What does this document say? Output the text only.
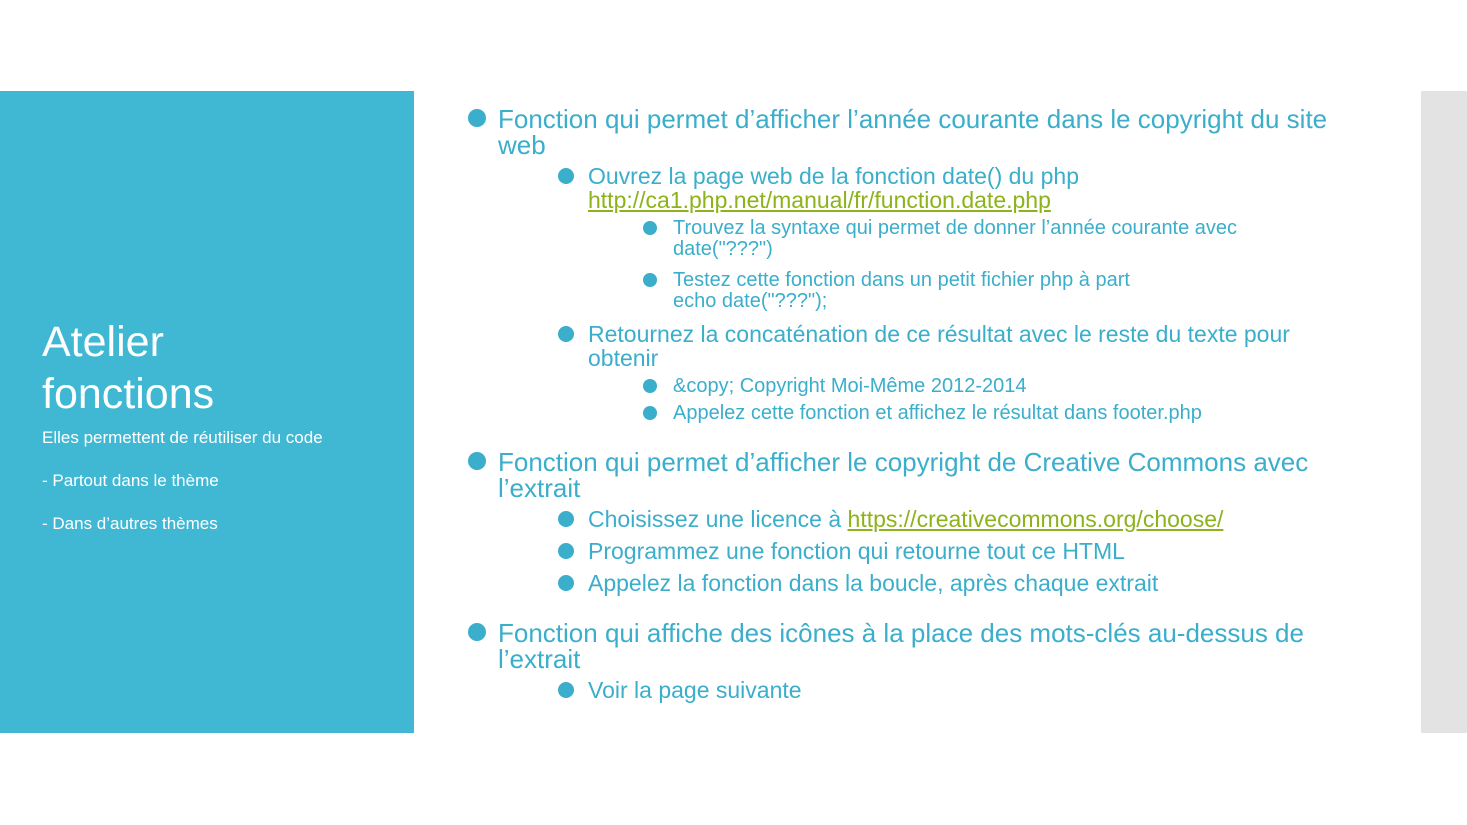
Atelier
fonctions

Elles permettent de réutiliser du code

- Partout dans le thème

- Dans d’autres thèmes

Fonction qui permet d’afficher l’année courante dans le copyright du site web
Ouvrez la page web de la fonction date() du php
http://ca1.php.net/manual/fr/function.date.php
Trouvez la syntaxe qui permet de donner l’année courante avec
date("???")
Testez cette fonction dans un petit fichier php à part
echo date("???");
Retournez la concaténation de ce résultat avec le reste du texte pour obtenir
&copy; Copyright Moi-Même 2012-2014
Appelez cette fonction et affichez le résultat dans footer.php
Fonction qui permet d’afficher le copyright de Creative Commons avec l’extrait
Choisissez une licence à https://creativecommons.org/choose/
Programmez une fonction qui retourne tout ce HTML
Appelez la fonction dans la boucle, après chaque extrait
Fonction qui affiche des icônes à la place des mots-clés au-dessus de l’extrait
Voir la page suivante
